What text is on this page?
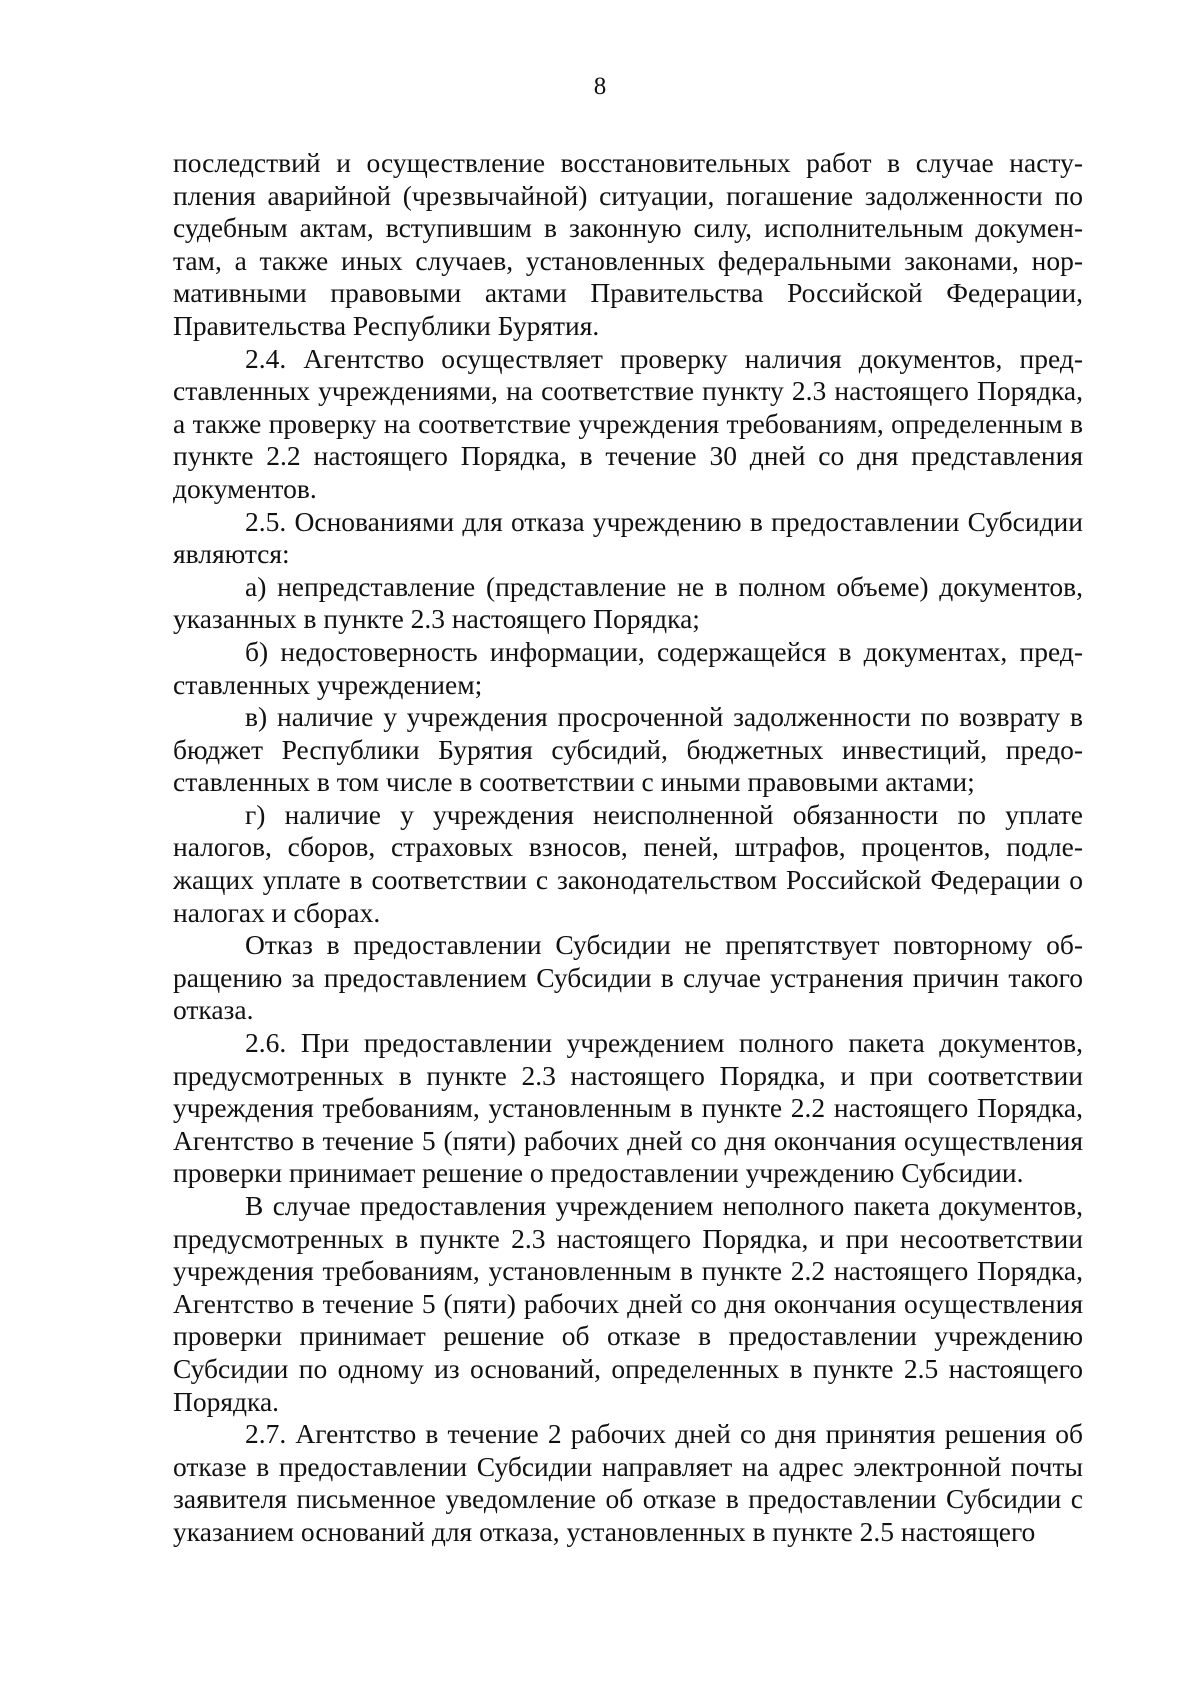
8

последствий и осуществление восстановительных работ в случае наступления аварийной (чрезвычайной) ситуации, погашение задолженности по судебным актам, вступившим в законную силу, исполнительным документам, а также иных случаев, установленных федеральными законами, нормативными правовыми актами Правительства Российской Федерации, Правительства Республики Бурятия.

2.4. Агентство осуществляет проверку наличия документов, представленных учреждениями, на соответствие пункту 2.3 настоящего Порядка, а также проверку на соответствие учреждения требованиям, определенным в пункте 2.2 настоящего Порядка, в течение 30 дней со дня представления документов.

2.5. Основаниями для отказа учреждению в предоставлении Субсидии являются:

а) непредставление (представление не в полном объеме) документов, указанных в пункте 2.3 настоящего Порядка;

б) недостоверность информации, содержащейся в документах, представленных учреждением;

в) наличие у учреждения просроченной задолженности по возврату в бюджет Республики Бурятия субсидий, бюджетных инвестиций, предоставленных в том числе в соответствии с иными правовыми актами;

г) наличие у учреждения неисполненной обязанности по уплате налогов, сборов, страховых взносов, пеней, штрафов, процентов, подлежащих уплате в соответствии с законодательством Российской Федерации о налогах и сборах.

Отказ в предоставлении Субсидии не препятствует повторному обращению за предоставлением Субсидии в случае устранения причин такого отказа.

2.6. При предоставлении учреждением полного пакета документов, предусмотренных в пункте 2.3 настоящего Порядка, и при соответствии учреждения требованиям, установленным в пункте 2.2 настоящего Порядка, Агентство в течение 5 (пяти) рабочих дней со дня окончания осуществления проверки принимает решение о предоставлении учреждению Субсидии.

В случае предоставления учреждением неполного пакета документов, предусмотренных в пункте 2.3 настоящего Порядка, и при несоответствии учреждения требованиям, установленным в пункте 2.2 настоящего Порядка, Агентство в течение 5 (пяти) рабочих дней со дня окончания осуществления проверки принимает решение об отказе в предоставлении учреждению Субсидии по одному из оснований, определенных в пункте 2.5 настоящего Порядка.

2.7. Агентство в течение 2 рабочих дней со дня принятия решения об отказе в предоставлении Субсидии направляет на адрес электронной почты заявителя письменное уведомление об отказе в предоставлении Субсидии с указанием оснований для отказа, установленных в пункте 2.5 настоящего
